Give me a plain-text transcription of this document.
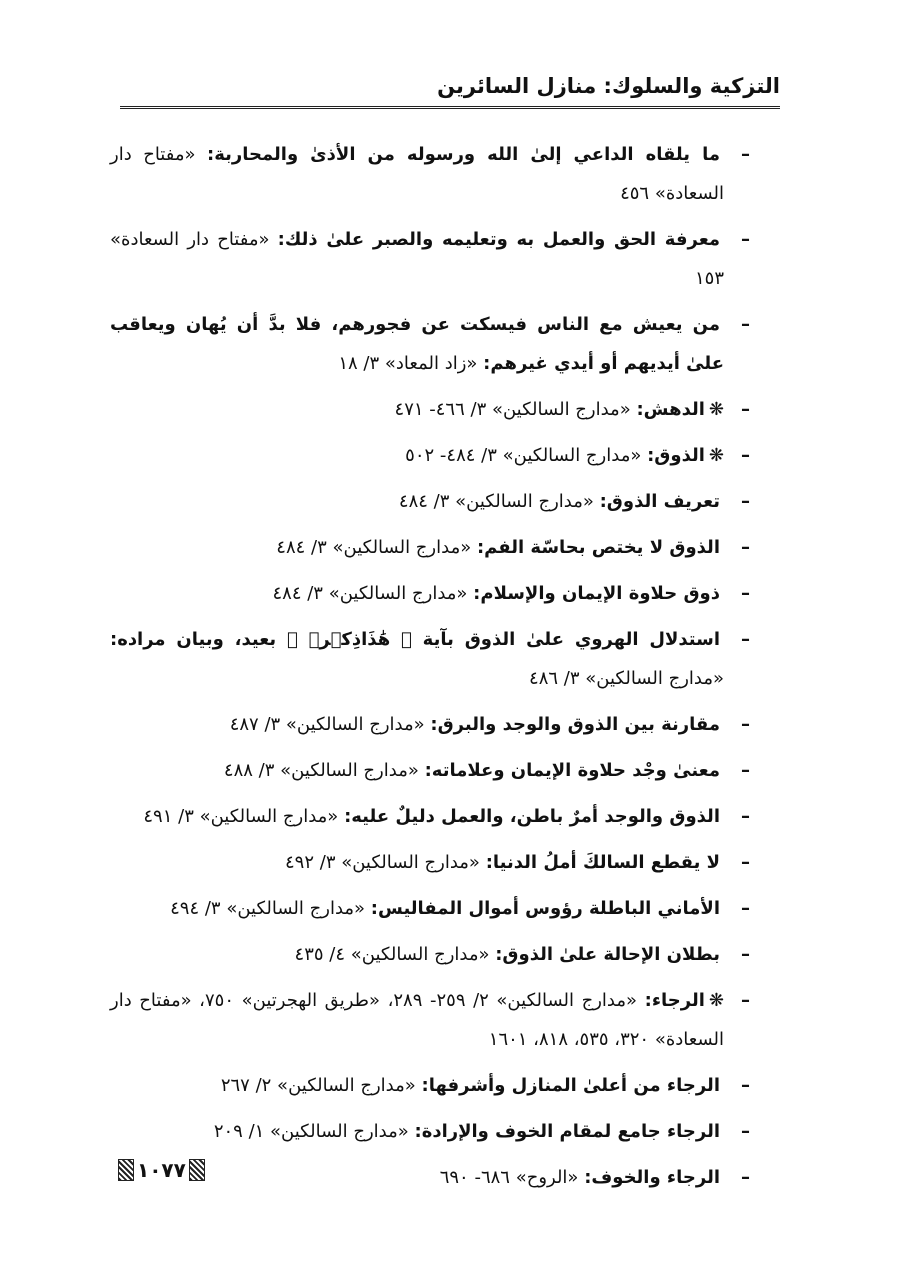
التزكية والسلوك: منازل السائرين
–
ما يلقاه الداعي إلىٰ الله ورسوله من الأذىٰ والمحاربة: «مفتاح دار السعادة» ٤٥٦
–
معرفة الحق والعمل به وتعليمه والصبر علىٰ ذلك: «مفتاح دار السعادة» ١٥٣
–
من يعيش مع الناس فيسكت عن فجورهم، فلا بدَّ أن يُهان ويعاقب علىٰ أيديهم أو أيدي غيرهم: «زاد المعاد» ٣/ ١٨
–
❋الدهش: «مدارج السالكين» ٣/ ٤٦٦- ٤٧١
–
❋الذوق: «مدارج السالكين» ٣/ ٤٨٤- ٥٠٢
–
تعريف الذوق: «مدارج السالكين» ٣/ ٤٨٤
–
الذوق لا يختص بحاسّة الفم: «مدارج السالكين» ٣/ ٤٨٤
–
ذوق حلاوة الإيمان والإسلام: «مدارج السالكين» ٣/ ٤٨٤
–
استدلال الهروي علىٰ الذوق بآية ﴿ هَٰذَاذِكۡرٞ ﴾ بعيد، وبيان مراده: «مدارج السالكين» ٣/ ٤٨٦
–
مقارنة بين الذوق والوجد والبرق: «مدارج السالكين» ٣/ ٤٨٧
–
معنىٰ وجْد حلاوة الإيمان وعلاماته: «مدارج السالكين» ٣/ ٤٨٨
–
الذوق والوجد أمرٌ باطن، والعمل دليلٌ عليه: «مدارج السالكين» ٣/ ٤٩١
–
لا يقطع السالكَ أملُ الدنيا: «مدارج السالكين» ٣/ ٤٩٢
–
الأماني الباطلة رؤوس أموال المفاليس: «مدارج السالكين» ٣/ ٤٩٤
–
بطلان الإحالة علىٰ الذوق: «مدارج السالكين» ٤/ ٤٣٥
–
❋الرجاء: «مدارج السالكين» ٢/ ٢٥٩- ٢٨٩، «طريق الهجرتين» ٧٥٠، «مفتاح دار السعادة» ٣٢٠، ٥٣٥، ٨١٨، ١٦٠١
–
الرجاء من أعلىٰ المنازل وأشرفها: «مدارج السالكين» ٢/ ٢٦٧
–
الرجاء جامع لمقام الخوف والإرادة: «مدارج السالكين» ١/ ٢٠٩
–
الرجاء والخوف: «الروح» ٦٨٦- ٦٩٠
١٠٧٧
